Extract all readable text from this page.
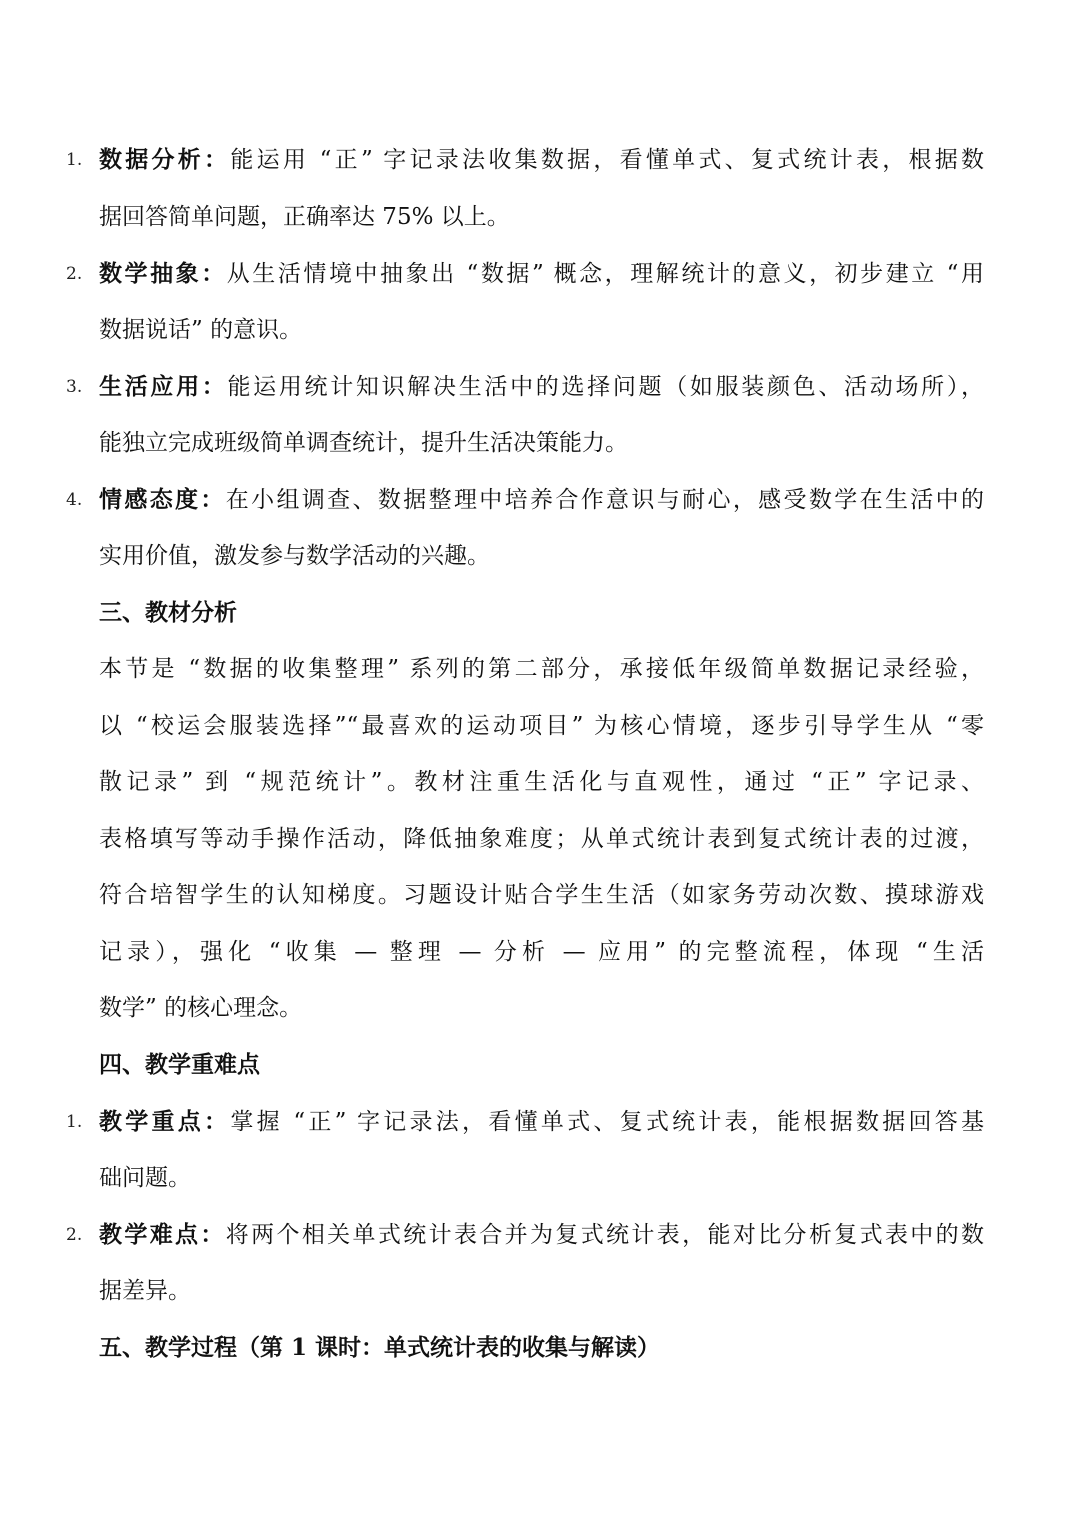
1. 数据分析：能运用 “正” 字记录法收集数据，看懂单式、复式统计表，根据数
据回答简单问题，正确率达 75% 以上。
2. 数学抽象：从生活情境中抽象出 “数据” 概念，理解统计的意义，初步建立 “用
数据说话” 的意识。
3. 生活应用：能运用统计知识解决生活中的选择问题（如服装颜色、活动场所），
能独立完成班级简单调查统计，提升生活决策能力。
4. 情感态度：在小组调查、数据整理中培养合作意识与耐心，感受数学在生活中的
实用价值，激发参与数学活动的兴趣。
三、教材分析
本节是 “数据的收集整理” 系列的第二部分，承接低年级简单数据记录经验，
以 “校运会服装选择”“最喜欢的运动项目” 为核心情境，逐步引导学生从 “零
散记录” 到 “规范统计”。教材注重生活化与直观性，通过 “正” 字记录、
表格填写等动手操作活动，降低抽象难度；从单式统计表到复式统计表的过渡，
符合培智学生的认知梯度。习题设计贴合学生生活（如家务劳动次数、摸球游戏
记录），强化 “收集 — 整理 — 分析 — 应用” 的完整流程，体现 “生活
数学” 的核心理念。
四、教学重难点
1. 教学重点：掌握 “正” 字记录法，看懂单式、复式统计表，能根据数据回答基
础问题。
2. 教学难点：将两个相关单式统计表合并为复式统计表，能对比分析复式表中的数
据差异。
五、教学过程（第 1 课时：单式统计表的收集与解读）
